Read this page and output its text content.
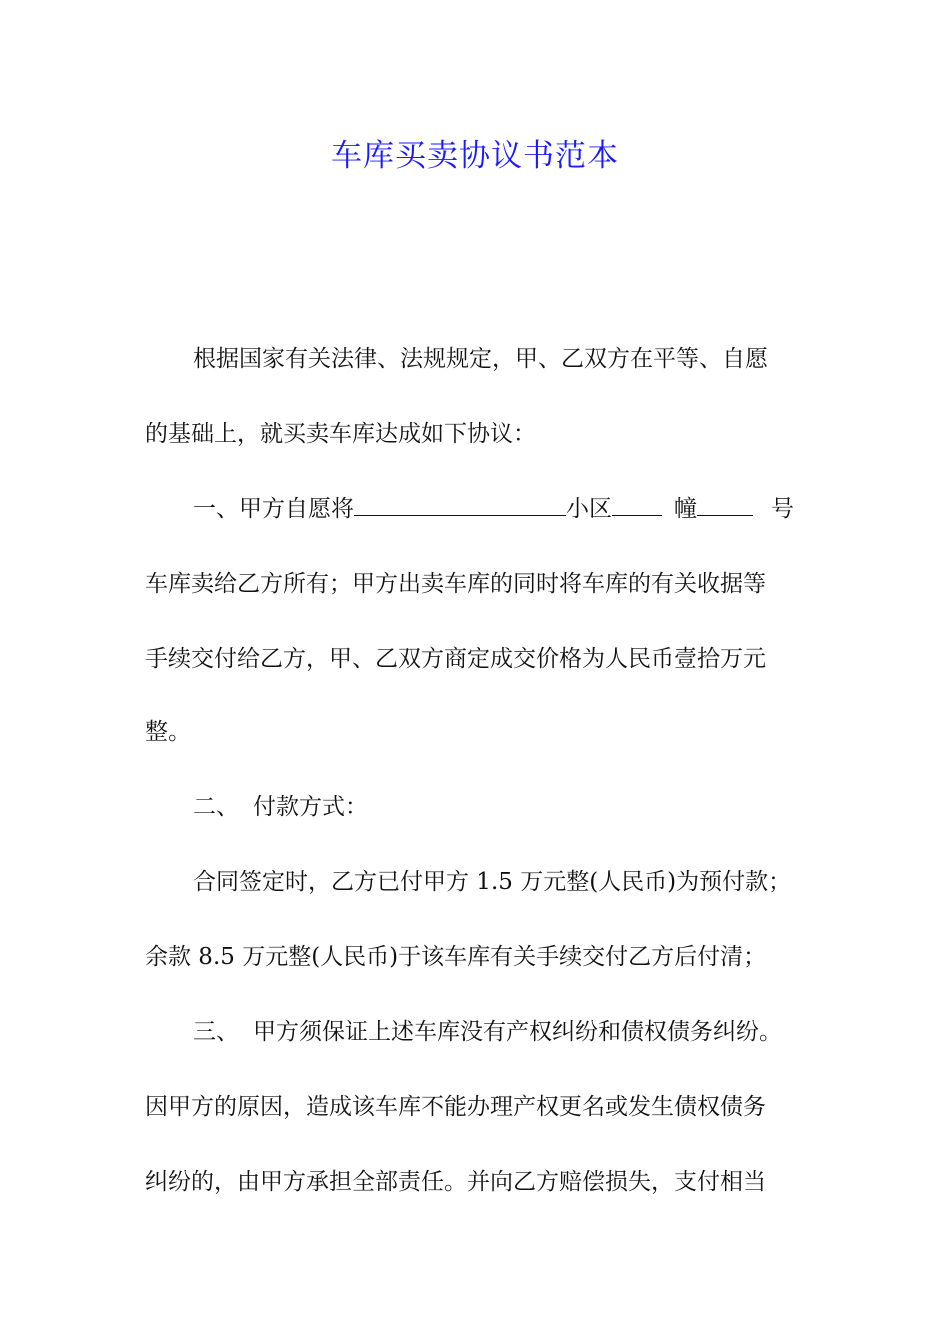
车库买卖协议书范本
根据国家有关法律、法规规定，甲、乙双方在平等、自愿
的基础上，就买卖车库达成如下协议：
一、甲方自愿将	小区	幢	号
车库卖给乙方所有；甲方出卖车库的同时将车库的有关收据等
手续交付给乙方，甲、乙双方商定成交价格为人民币壹拾万元
整。
二、 付款方式：
合同签定时，乙方已付甲方 1.5 万元整(人民币)为预付款；
余款 8.5 万元整(人民币)于该车库有关手续交付乙方后付清；
三、 甲方须保证上述车库没有产权纠纷和债权债务纠纷。
因甲方的原因，造成该车库不能办理产权更名或发生债权债务
纠纷的，由甲方承担全部责任。并向乙方赔偿损失，支付相当
